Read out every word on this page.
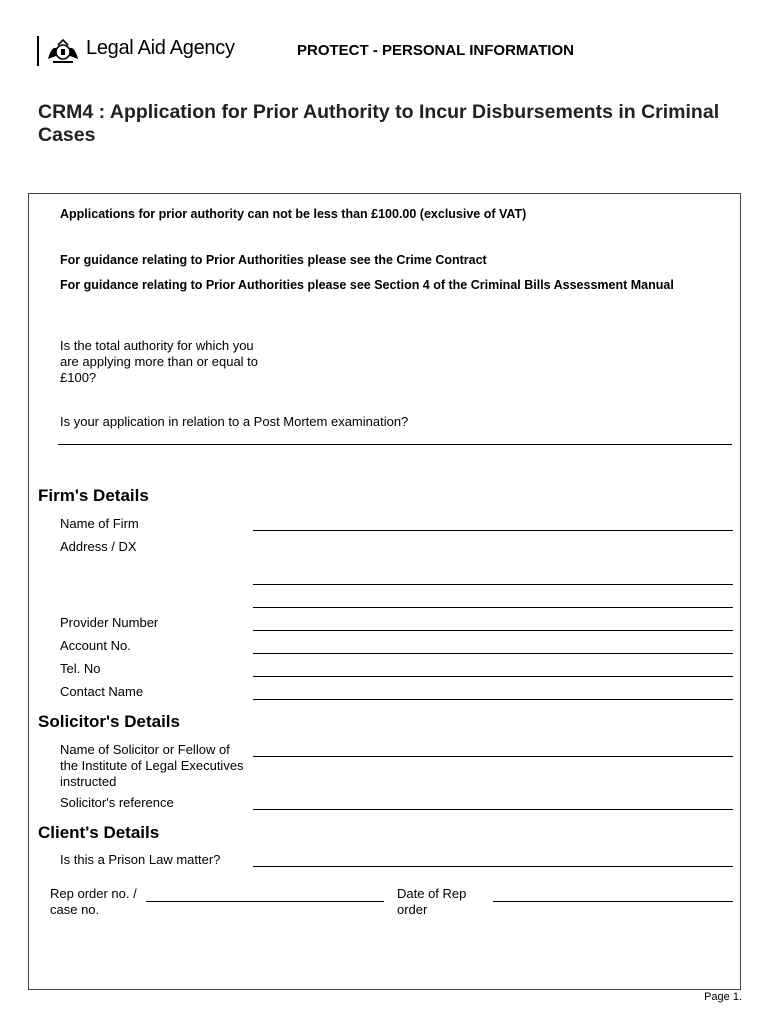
Legal Aid Agency	PROTECT - PERSONAL INFORMATION
CRM4 : Application for Prior Authority to Incur Disbursements in Criminal Cases
Applications for prior authority can not be less than £100.00 (exclusive of VAT)
For guidance relating to Prior Authorities please see the Crime Contract
For guidance relating to Prior Authorities please see Section 4 of the Criminal Bills Assessment Manual
Is the total authority for which you are applying more than or equal to £100?
Is your application in relation to a Post Mortem examination?
Firm's Details
Name of Firm
Address / DX
Provider Number
Account No.
Tel. No
Contact Name
Solicitor's Details
Name of Solicitor or Fellow of the Institute of Legal Executives instructed
Solicitor's reference
Client's Details
Is this a Prison Law matter?
Rep order no. / case no.
Date of Rep order
Page 1.
